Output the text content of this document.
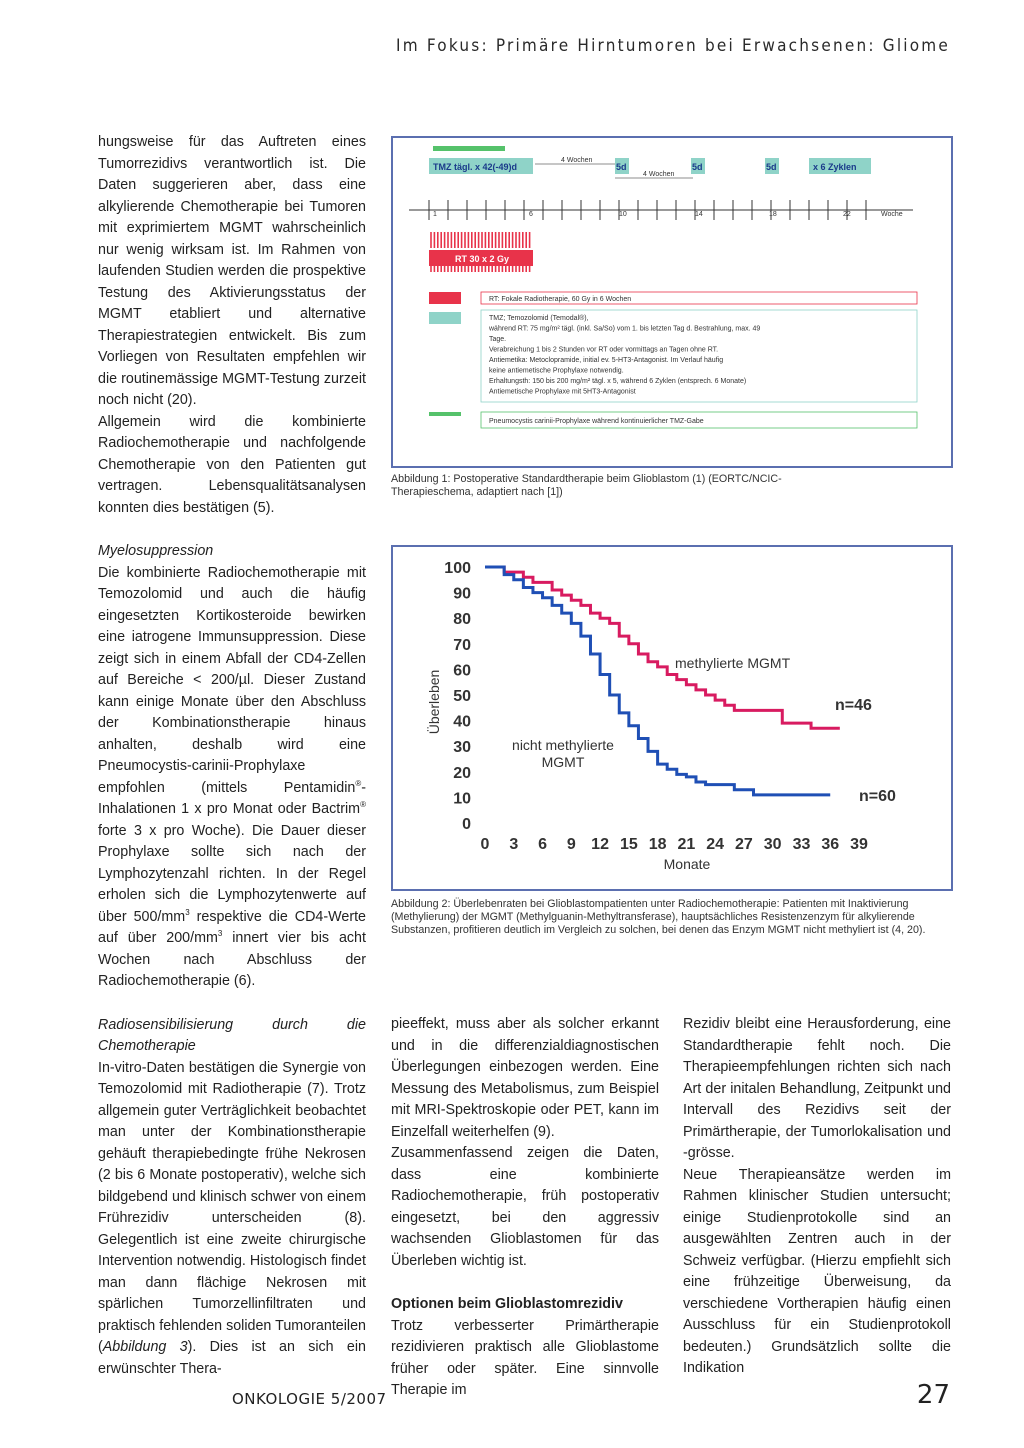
Im Fokus: Primäre Hirntumoren bei Erwachsenen: Gliome

hungsweise für das Auftreten eines Tumorrezidivs verantwortlich ist. Die Daten suggerieren aber, dass eine alkylierende Chemotherapie bei Tumoren mit exprimiertem MGMT wahrscheinlich nur wenig wirksam ist. Im Rahmen von laufenden Studien werden die prospektive Testung des Aktivierungsstatus der MGMT etabliert und alternative Therapiestrategien entwickelt. Bis zum Vorliegen von Resultaten empfehlen wir die routinemässige MGMT-Testung zurzeit noch nicht (20).

Allgemein wird die kombinierte Radiochemotherapie und nachfolgende Chemotherapie von den Patienten gut vertragen. Lebensqualitätsanalysen konnten dies bestätigen (5).

Myelosuppression

Die kombinierte Radiochemotherapie mit Temozolomid und auch die häufig eingesetzten Kortikosteroide bewirken eine iatrogene Immunsuppression. Diese zeigt sich in einem Abfall der CD4-Zellen auf Bereiche < 200/µl. Dieser Zustand kann einige Monate über den Abschluss der Kombinationstherapie hinaus anhalten, deshalb wird eine Pneumocystis-carinii-Prophylaxe empfohlen (mittels Pentamidin®-Inhalationen 1 x pro Monat oder Bactrim® forte 3 x pro Woche). Die Dauer dieser Prophylaxe sollte sich nach der Lymphozytenzahl richten. In der Regel erholen sich die Lymphozytenwerte auf über $500/mm^3$ respektive die CD4-Werte auf über $200/mm^3$ innert vier bis acht Wochen nach Abschluss der Radiochemotherapie (6).

Radiosensibilisierung durch die Chemotherapie

In-vitro-Daten bestätigen die Synergie von Temozolomid mit Radiotherapie (7). Trotz allgemein guter Verträglichkeit beobachtet man unter der Kombinationstherapie gehäuft therapiebedingte frühe Nekrosen (2 bis 6 Monate postoperativ), welche sich bildgebend und klinisch schwer von einem Frührezidiv unterscheiden (8). Gelegentlich ist eine zweite chirurgische Intervention notwendig. Histologisch findet man dann flächige Nekrosen mit spärlichen Tumorzellinfiltraten und praktisch fehlenden soliden Tumoranteilen (Abbildung 3). Dies ist an sich ein erwünschter Thera-

pieeffekt, muss aber als solcher erkannt und in die differenzialdiagnostischen Überlegungen einbezogen werden. Eine Messung des Metabolismus, zum Beispiel mit MRI-Spektroskopie oder PET, kann im Einzelfall weiterhelfen (9).

Zusammenfassend zeigen die Daten, dass eine kombinierte Radiochemotherapie, früh postoperativ eingesetzt, bei den aggressiv wachsenden Glioblastomen für das Überleben wichtig ist.

Optionen beim Glioblastomrezidiv

Trotz verbesserter Primärtherapie rezidivieren praktisch alle Glioblastome früher oder später. Eine sinnvolle Therapie im

Rezidiv bleibt eine Herausforderung, eine Standardtherapie fehlt noch. Die Therapieempfehlungen richten sich nach Art der initalen Behandlung, Zeitpunkt und Intervall des Rezidivs seit der Primärtherapie, der Tumorlokalisation und -grösse.

Neue Therapieansätze werden im Rahmen klinischer Studien untersucht; einige Studienprotokolle sind an ausgewählten Zentren auch in der Schweiz verfügbar. (Hierzu empfiehlt sich eine frühzeitige Überweisung, da verschiedene Vortherapien häufig einen Ausschluss für ein Studienprotokoll bedeuten.) Grundsätzlich sollte die Indikation

TMZ tägl. x 42(-49)d
4 Wochen
5d
4 Wochen
5d	5d	x 6 Zyklen
1	6	10	14	18	22	Woche
RT 30 x 2 Gy
RT: Fokale Radiotherapie, 60 Gy in 6 Wochen
TMZ; Temozolomid (Temodal®),
während RT: 75 mg/m² tägl. (inkl. Sa/So) vom 1. bis letzten Tag d. Bestrahlung, max. 49
Tage.
Verabreichung 1 bis 2 Stunden vor RT oder vormittags an Tagen ohne RT.
Antiemetika: Metoclopramide, initial ev. 5-HT3-Antagonist. Im Verlauf häufig
keine antiemetische Prophylaxe notwendig.
Erhaltungsth: 150 bis 200 mg/m² tägl. x 5, während 6 Zyklen (entsprech. 6 Monate)
Antiemetische Prophylaxe mit 5HT3-Antagonist
Pneumocystis carinii-Prophylaxe während kontinuierlicher TMZ-Gabe
Abbildung 1: Postoperative Standardtherapie beim Glioblastom (1) (EORTC/NCIC-Therapieschema, adaptiert nach [1])
0
10
20
30
40
50
60
70
80
90
100
0 3 6 9 12 15 18 21 24 27 30 33 36 39
Überleben
Monate
methylierte MGMT
n=46
nicht methylierte
MGMT
n=60
Abbildung 2: Überlebenraten bei Glioblastompatienten unter Radiochemotherapie: Patienten mit Inaktivierung (Methylierung) der MGMT (Methylguanin-Methyltransferase), hauptsächliches Resistenzenzym für alkylierende Substanzen, profitieren deutlich im Vergleich zu solchen, bei denen das Enzym MGMT nicht methyliert ist (4, 20).
ONKOLOGIE 5/2007	27
